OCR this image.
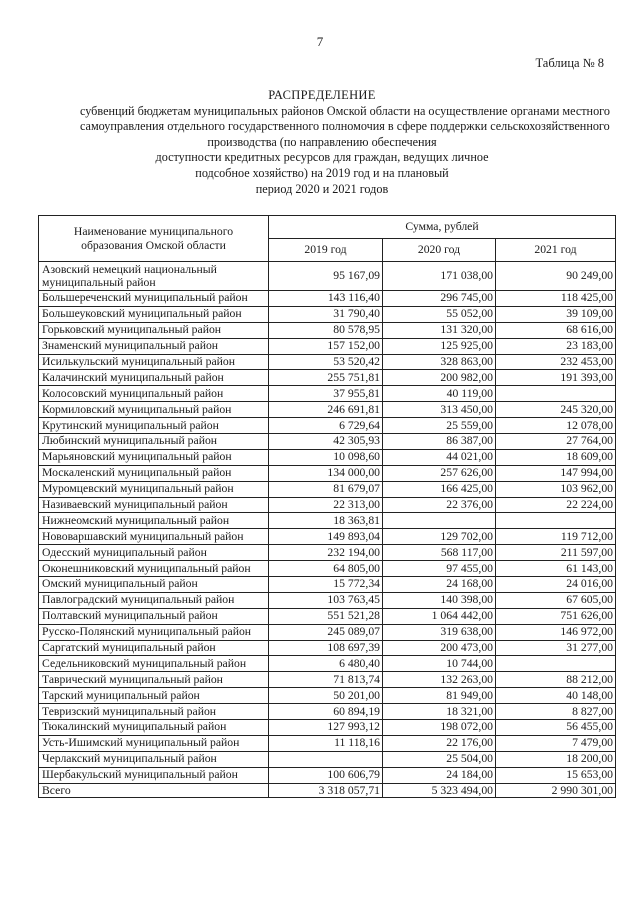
7
Таблица № 8
РАСПРЕДЕЛЕНИЕ
субвенций бюджетам муниципальных районов Омской области на осуществление органами местного
самоуправления отдельного государственного полномочия в сфере поддержки сельскохозяйственного
производства (по направлению обеспечения
доступности кредитных ресурсов для граждан, ведущих личное
подсобное хозяйство) на 2019 год и на плановый
период 2020 и 2021 годов
Наименование муниципального образования Омской области	Сумма, рублей		
	2019 год	2020 год	2021 год

Азовский немецкий национальный муниципальный район	95 167,09	171 038,00	90 249,00
Большереченский муниципальный район	143 116,40	296 745,00	118 425,00
Большеуковский муниципальный район	31 790,40	55 052,00	39 109,00
Горьковский муниципальный район	80 578,95	131 320,00	68 616,00
Знаменский муниципальный район	157 152,00	125 925,00	23 183,00
Исилькульский муниципальный район	53 520,42	328 863,00	232 453,00
Калачинский муниципальный район	255 751,81	200 982,00	191 393,00
Колосовский муниципальный район	37 955,81	40 119,00	
Кормиловский муниципальный район	246 691,81	313 450,00	245 320,00
Крутинский муниципальный район	6 729,64	25 559,00	12 078,00
Любинский муниципальный район	42 305,93	86 387,00	27 764,00
Марьяновский муниципальный район	10 098,60	44 021,00	18 609,00
Москаленский муниципальный район	134 000,00	257 626,00	147 994,00
Муромцевский муниципальный район	81 679,07	166 425,00	103 962,00
Називаевский муниципальный район	22 313,00	22 376,00	22 224,00
Нижнеомский муниципальный район	18 363,81		
Нововаршавский муниципальный район	149 893,04	129 702,00	119 712,00
Одесский муниципальный район	232 194,00	568 117,00	211 597,00
Оконешниковский муниципальный район	64 805,00	97 455,00	61 143,00
Омский муниципальный район	15 772,34	24 168,00	24 016,00
Павлоградский муниципальный район	103 763,45	140 398,00	67 605,00
Полтавский муниципальный район	551 521,28	1 064 442,00	751 626,00
Русско-Полянский муниципальный район	245 089,07	319 638,00	146 972,00
Саргатский муниципальный район	108 697,39	200 473,00	31 277,00
Седельниковский муниципальный район	6 480,40	10 744,00	
Таврический муниципальный район	71 813,74	132 263,00	88 212,00
Тарский муниципальный район	50 201,00	81 949,00	40 148,00
Тевризский муниципальный район	60 894,19	18 321,00	8 827,00
Тюкалинский муниципальный район	127 993,12	198 072,00	56 455,00
Усть-Ишимский муниципальный район	11 118,16	22 176,00	7 479,00
Черлакский муниципальный район		25 504,00	18 200,00
Шербакульский муниципальный район	100 606,79	24 184,00	15 653,00
Всего	3 318 057,71	5 323 494,00	2 990 301,00
